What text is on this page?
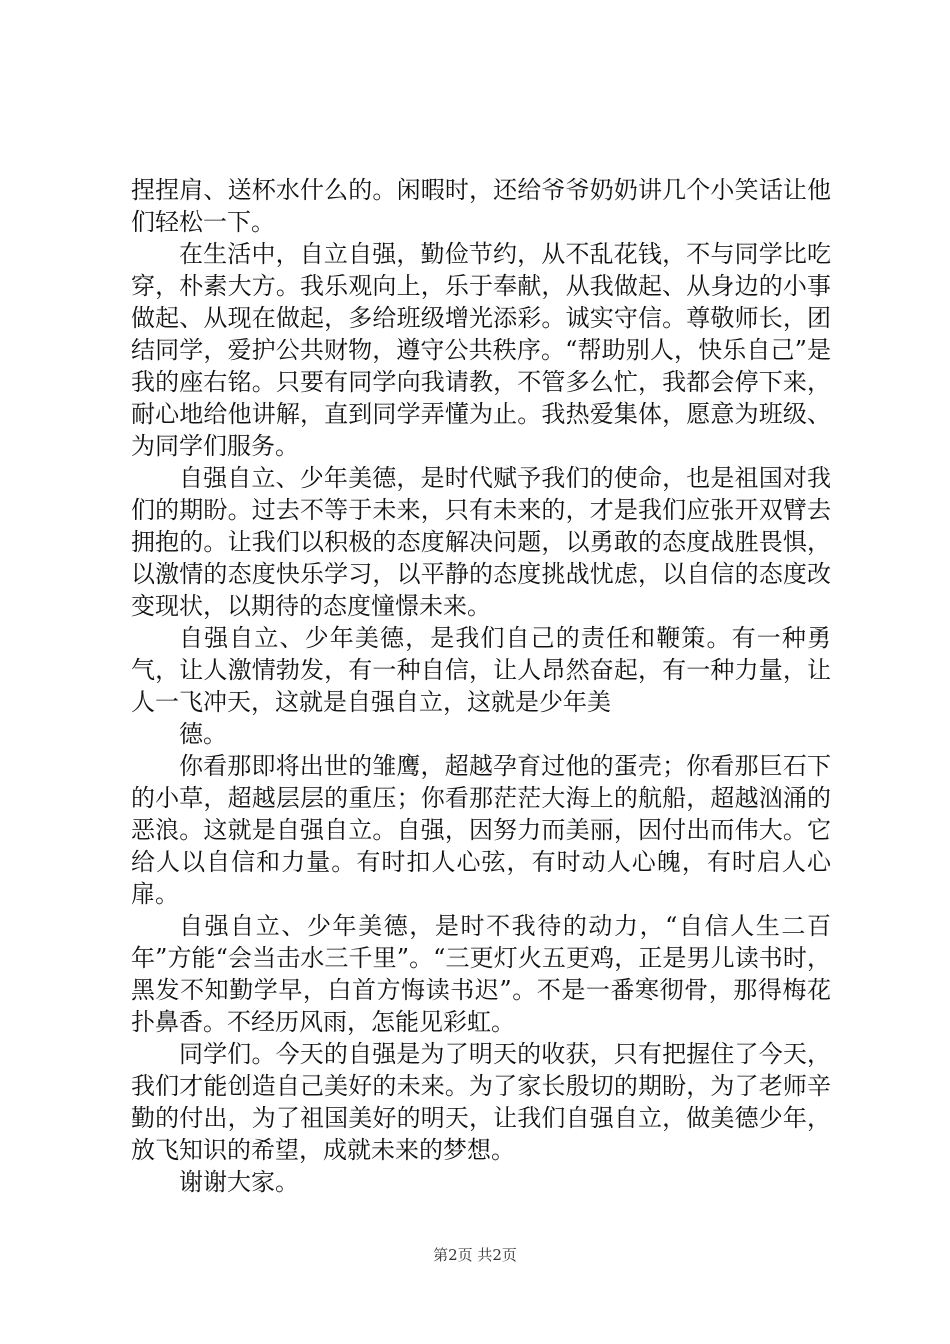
捏捏肩、送杯水什么的。闲暇时，还给爷爷奶奶讲几个小笑话让他们轻松一下。

在生活中，自立自强，勤俭节约，从不乱花钱，不与同学比吃穿，朴素大方。我乐观向上，乐于奉献，从我做起、从身边的小事做起、从现在做起，多给班级增光添彩。诚实守信。尊敬师长，团结同学，爱护公共财物，遵守公共秩序。“帮助别人，快乐自己”是我的座右铭。只要有同学向我请教，不管多么忙，我都会停下来，耐心地给他讲解，直到同学弄懂为止。我热爱集体，愿意为班级、为同学们服务。

自强自立、少年美德，是时代赋予我们的使命，也是祖国对我们的期盼。过去不等于未来，只有未来的，才是我们应张开双臂去拥抱的。让我们以积极的态度解决问题，以勇敢的态度战胜畏惧，以激情的态度快乐学习，以平静的态度挑战忧虑，以自信的态度改变现状，以期待的态度憧憬未来。

自强自立、少年美德，是我们自己的责任和鞭策。有一种勇气，让人激情勃发，有一种自信，让人昂然奋起，有一种力量，让人一飞冲天，这就是自强自立，这就是少年美

德。

你看那即将出世的雏鹰，超越孕育过他的蛋壳；你看那巨石下的小草，超越层层的重压；你看那茫茫大海上的航船，超越汹涌的恶浪。这就是自强自立。自强，因努力而美丽，因付出而伟大。它给人以自信和力量。有时扣人心弦，有时动人心魄，有时启人心扉。

自强自立、少年美德，是时不我待的动力，“自信人生二百年”方能“会当击水三千里”。“三更灯火五更鸡，正是男儿读书时，黑发不知勤学早，白首方悔读书迟”。不是一番寒彻骨，那得梅花扑鼻香。不经历风雨，怎能见彩虹。

同学们。今天的自强是为了明天的收获，只有把握住了今天，我们才能创造自己美好的未来。为了家长殷切的期盼，为了老师辛勤的付出，为了祖国美好的明天，让我们自强自立，做美德少年，放飞知识的希望，成就未来的梦想。

谢谢大家。

第2页 共2页
